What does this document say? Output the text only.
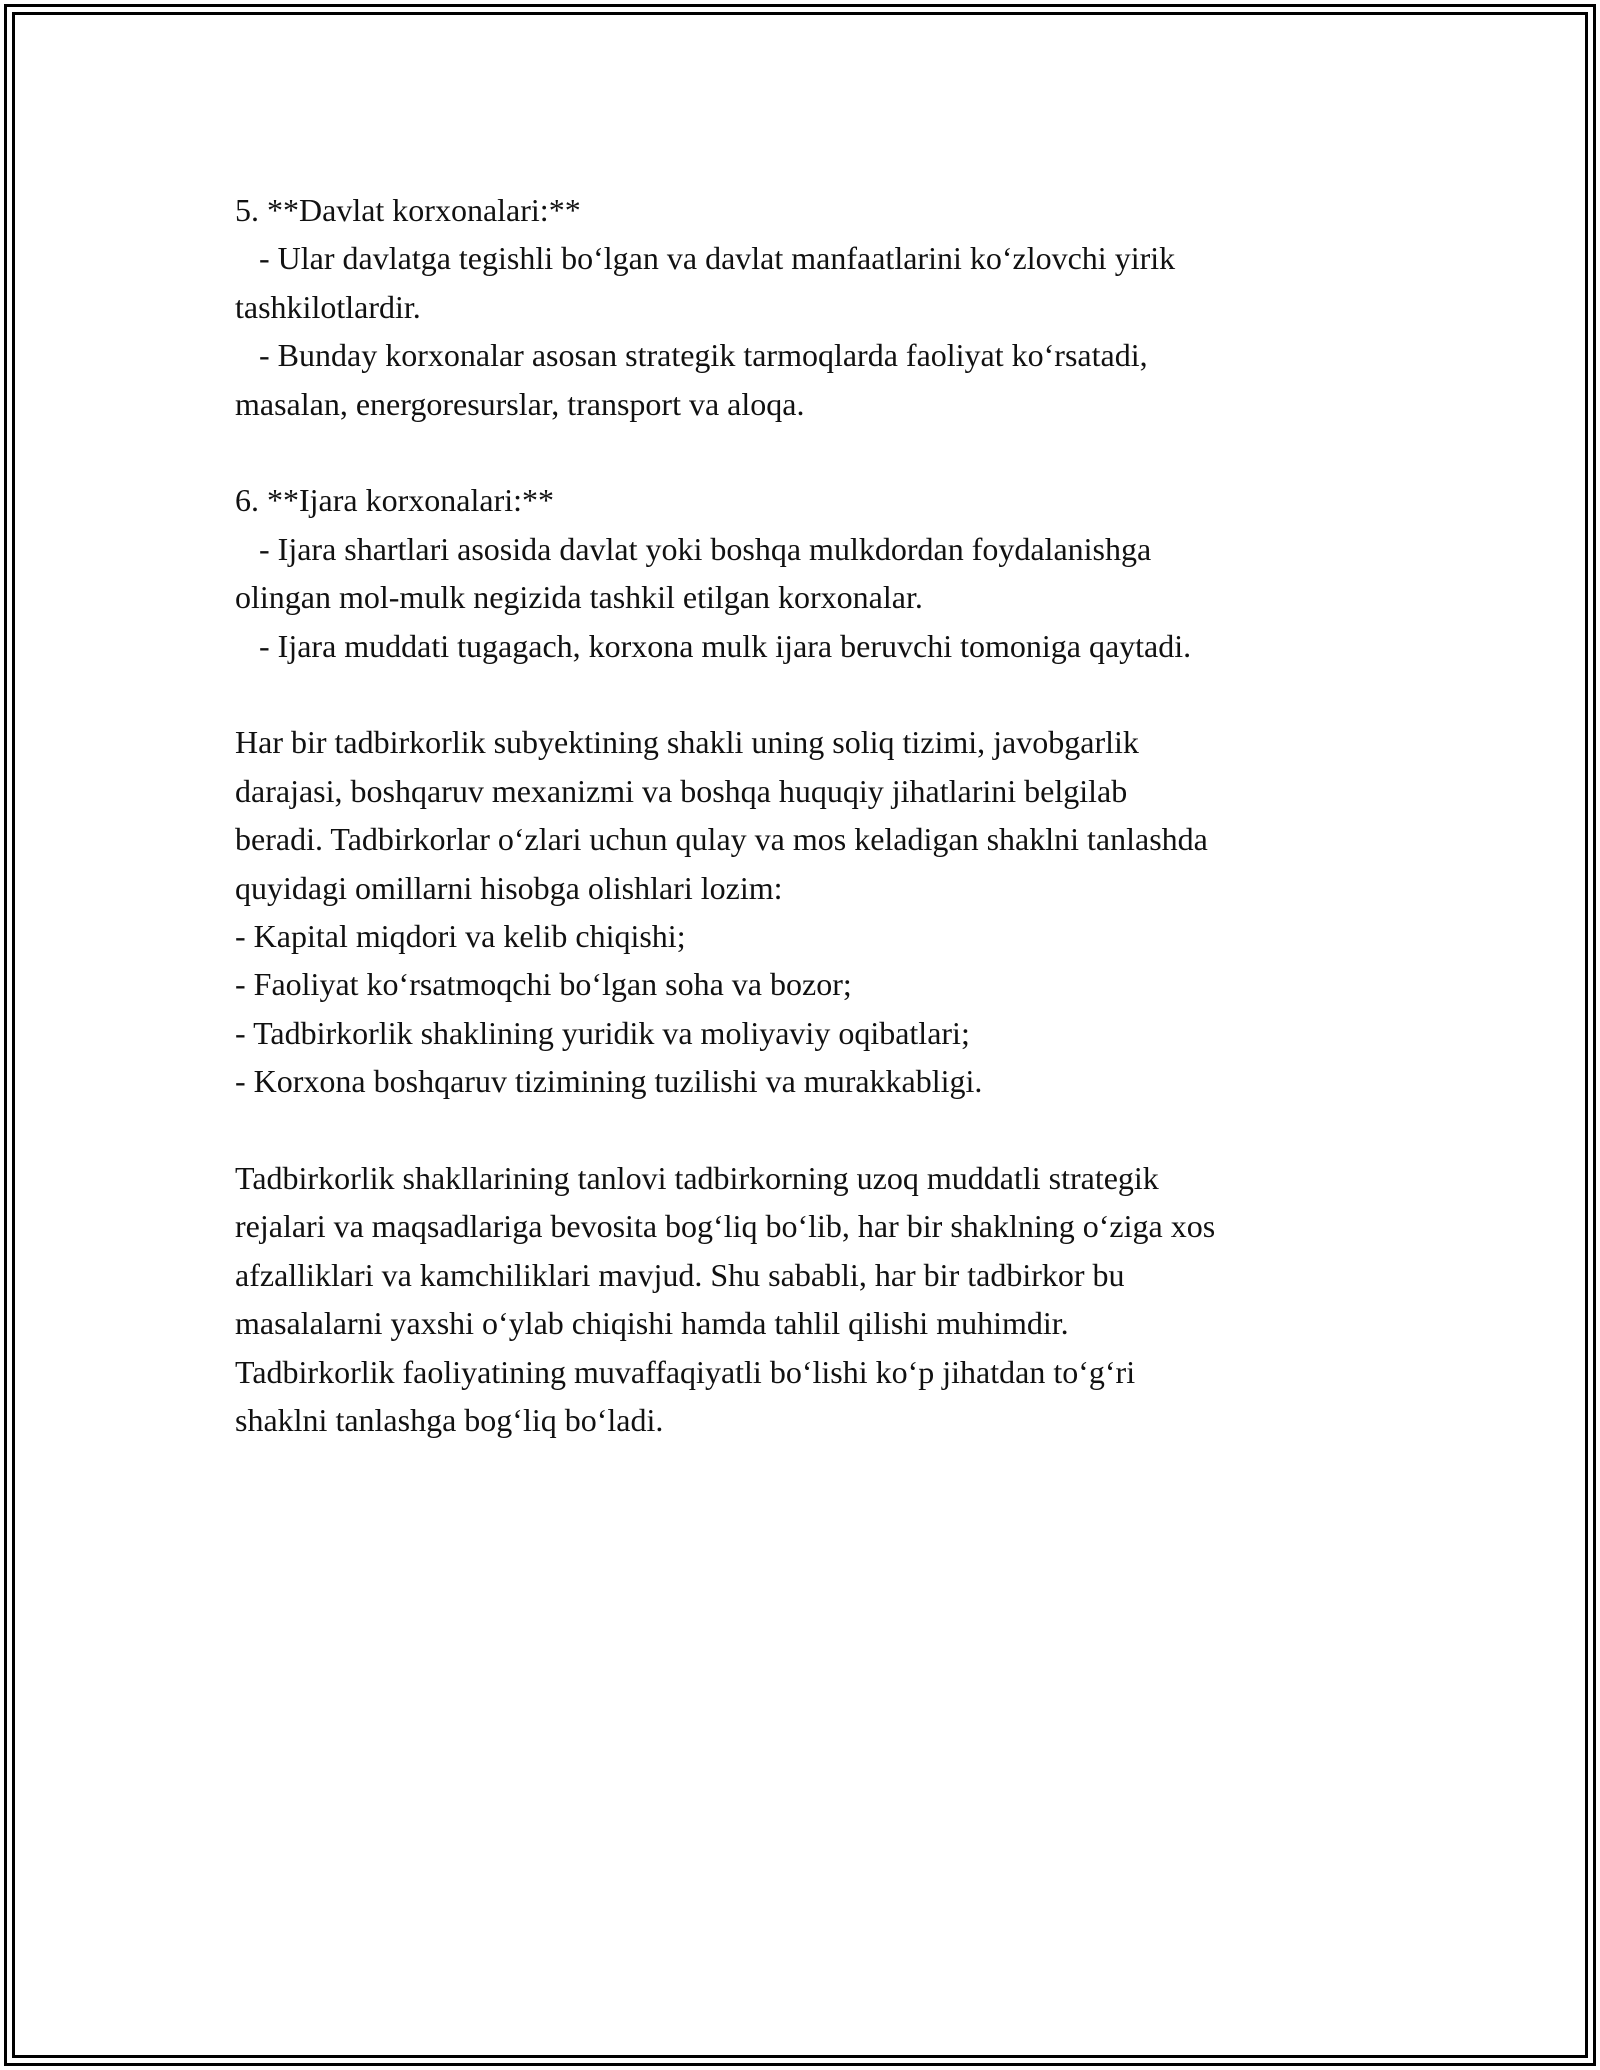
5. **Davlat korxonalari:**
- Ular davlatga tegishli bo‘lgan va davlat manfaatlarini ko‘zlovchi yirik
tashkilotlardir.
- Bunday korxonalar asosan strategik tarmoqlarda faoliyat ko‘rsatadi,
masalan, energoresurslar, transport va aloqa.
6. **Ijara korxonalari:**
- Ijara shartlari asosida davlat yoki boshqa mulkdordan foydalanishga
olingan mol-mulk negizida tashkil etilgan korxonalar.
- Ijara muddati tugagach, korxona mulk ijara beruvchi tomoniga qaytadi.
Har bir tadbirkorlik subyektining shakli uning soliq tizimi, javobgarlik
darajasi, boshqaruv mexanizmi va boshqa huquqiy jihatlarini belgilab
beradi. Tadbirkorlar o‘zlari uchun qulay va mos keladigan shaklni tanlashda
quyidagi omillarni hisobga olishlari lozim:
- Kapital miqdori va kelib chiqishi;
- Faoliyat ko‘rsatmoqchi bo‘lgan soha va bozor;
- Tadbirkorlik shaklining yuridik va moliyaviy oqibatlari;
- Korxona boshqaruv tizimining tuzilishi va murakkabligi.
Tadbirkorlik shakllarining tanlovi tadbirkorning uzoq muddatli strategik
rejalari va maqsadlariga bevosita bog‘liq bo‘lib, har bir shaklning o‘ziga xos
afzalliklari va kamchiliklari mavjud. Shu sababli, har bir tadbirkor bu
masalalarni yaxshi o‘ylab chiqishi hamda tahlil qilishi muhimdir.
Tadbirkorlik faoliyatining muvaffaqiyatli bo‘lishi ko‘p jihatdan to‘g‘ri
shaklni tanlashga bog‘liq bo‘ladi.
